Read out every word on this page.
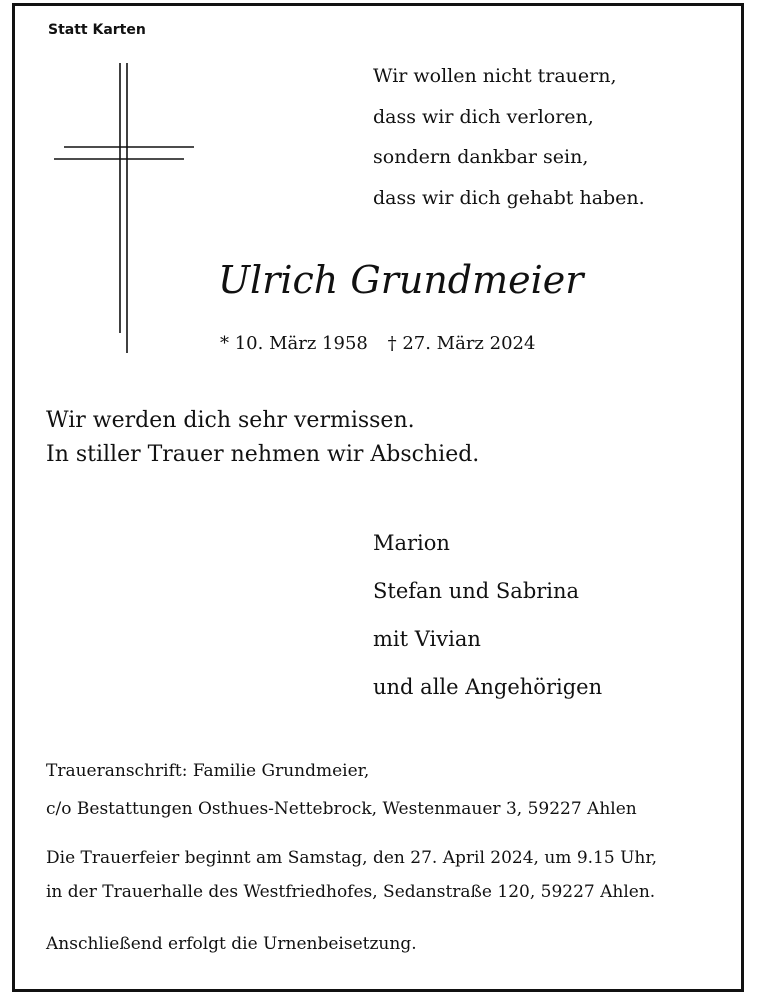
Statt Karten
Wir wollen nicht trauern,
dass wir dich verloren,
sondern dankbar sein,
dass wir dich gehabt haben.
Ulrich Grundmeier
* 10. März 1958 † 27. März 2024
Wir werden dich sehr vermissen.
In stiller Trauer nehmen wir Abschied.
Marion
Stefan und Sabrina
mit Vivian
und alle Angehörigen
Traueranschrift: Familie Grundmeier,
c/o Bestattungen Osthues-Nettebrock, Westenmauer 3, 59227 Ahlen
Die Trauerfeier beginnt am Samstag, den 27. April 2024, um 9.15 Uhr,
in der Trauerhalle des Westfriedhofes, Sedanstraße 120, 59227 Ahlen.
Anschließend erfolgt die Urnenbeisetzung.
